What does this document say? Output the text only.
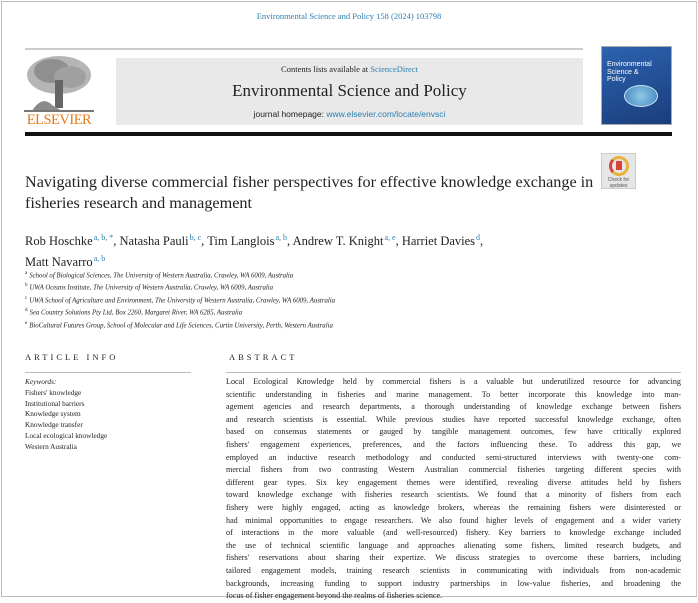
Environmental Science and Policy 158 (2024) 103798
ELSEVIER
Contents lists available at ScienceDirect
Environmental Science and Policy
journal homepage: www.elsevier.com/locate/envsci
Environmental Science & Policy
Check for updates
Navigating diverse commercial fisher perspectives for effective knowledge exchange in fisheries research and management
Rob Hoschke$^{a, b, *}$, Natasha Pauli$^{b, c}$, Tim Langlois$^{a, b}$, Andrew T. Knight$^{a, e}$, Harriet Davies$^d$,
Matt Navarro$^{a, b}$
$^a$ School of Biological Sciences, The University of Western Australia, Crawley, WA 6009, Australia
$^b$ UWA Oceans Institute, The University of Western Australia, Crawley, WA 6009, Australia
$^c$ UWA School of Agriculture and Environment, The University of Western Australia, Crawley, WA 6009, Australia
$^d$ Sea Country Solutions Pty Ltd, Box 2260, Margaret River, WA 6285, Australia
$^e$ BioCultural Futures Group, School of Molecular and Life Sciences, Curtin University, Perth, Western Australia
ARTICLE INFO
Keywords:
Fishers' knowledge
Institutional barriers
Knowledge system
Knowledge transfer
Local ecological knowledge
Western Australia
ABSTRACT
Local Ecological Knowledge held by commercial fishers is a valuable but underutilized resource for advancing
scientific understanding in fisheries and marine management. To better incorporate this knowledge into man-
agement agencies and research departments, a thorough understanding of knowledge exchange between fishers
and research scientists is essential. While previous studies have reported successful knowledge exchange, often
based on consensus statements or gauged by tangible management outcomes, few have critically explored
fishers' engagement experiences, preferences, and the factors influencing these. To address this gap, we
employed an inductive research methodology and conducted semi-structured interviews with twenty-one com-
mercial fishers from two contrasting Western Australian commercial fisheries targeting different species with
different gear types. Six key engagement themes were identified, revealing diverse attitudes held by fishers
toward knowledge exchange with fisheries research scientists. We found that a minority of fishers from each
fishery were highly engaged, acting as knowledge brokers, whereas the remaining fishers were disinterested or
had minimal opportunities to engage researchers. We also found higher levels of engagement and a wider variety
of interactions in the more valuable (and well-resourced) fishery. Key barriers to knowledge exchange included
the use of technical scientific language and approaches alienating some fishers, limited research budgets, and
fishers' reservations about sharing their expertize. We discuss strategies to overcome these barriers, including
tailored engagement models, training research scientists in communicating with individuals from non-academic
backgrounds, increasing funding to support industry partnerships in low-value fisheries, and broadening the
focus of fisher engagement beyond the realms of fisheries science.
